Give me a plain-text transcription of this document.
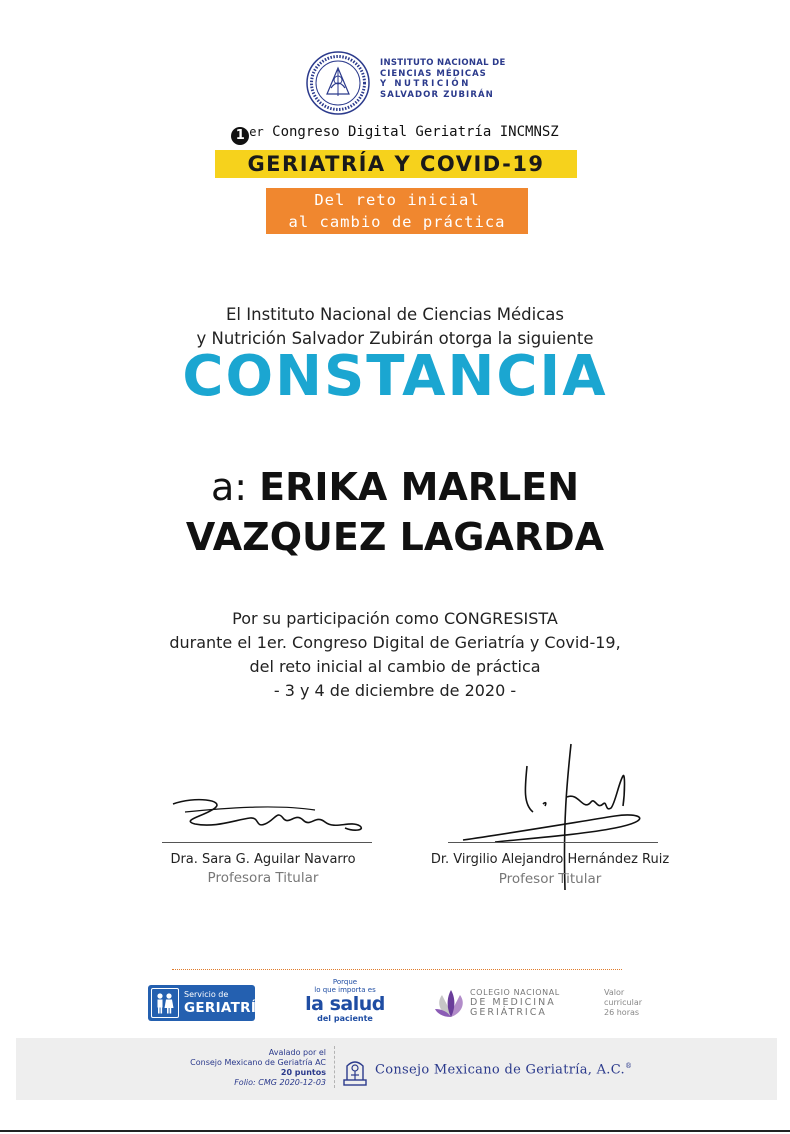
INSTITUTO NACIONAL DE
CIENCIAS MÉDICAS
Y NUTRICIÓN
SALVADOR ZUBIRÁN
1 er Congreso Digital Geriatría INCMNSZ
GERIATRÍA Y COVID-19
Del reto inicial
al cambio de práctica
El Instituto Nacional de Ciencias Médicas
y Nutrición Salvador Zubirán otorga la siguiente
CONSTANCIA
a: ERIKA MARLEN
VAZQUEZ LAGARDA
Por su participación como CONGRESISTA
durante el 1er. Congreso Digital de Geriatría y Covid-19,
del reto inicial al cambio de práctica
- 3 y 4 de diciembre de 2020 -
Dra. Sara G. Aguilar Navarro
Profesora Titular
Dr. Virgilio Alejandro Hernández Ruiz
Profesor Titular
Servicio de
GERIATRÍA
Porque
lo que importa es
la salud
del paciente
COLEGIO NACIONAL
DE MEDICINA
GERIÁTRICA
Valor
curricular
26 horas
Avalado por el
Consejo Mexicano de Geriatría AC
20 puntos
Folio: CMG 2020-12-03
Consejo Mexicano de Geriatría, A.C.®
